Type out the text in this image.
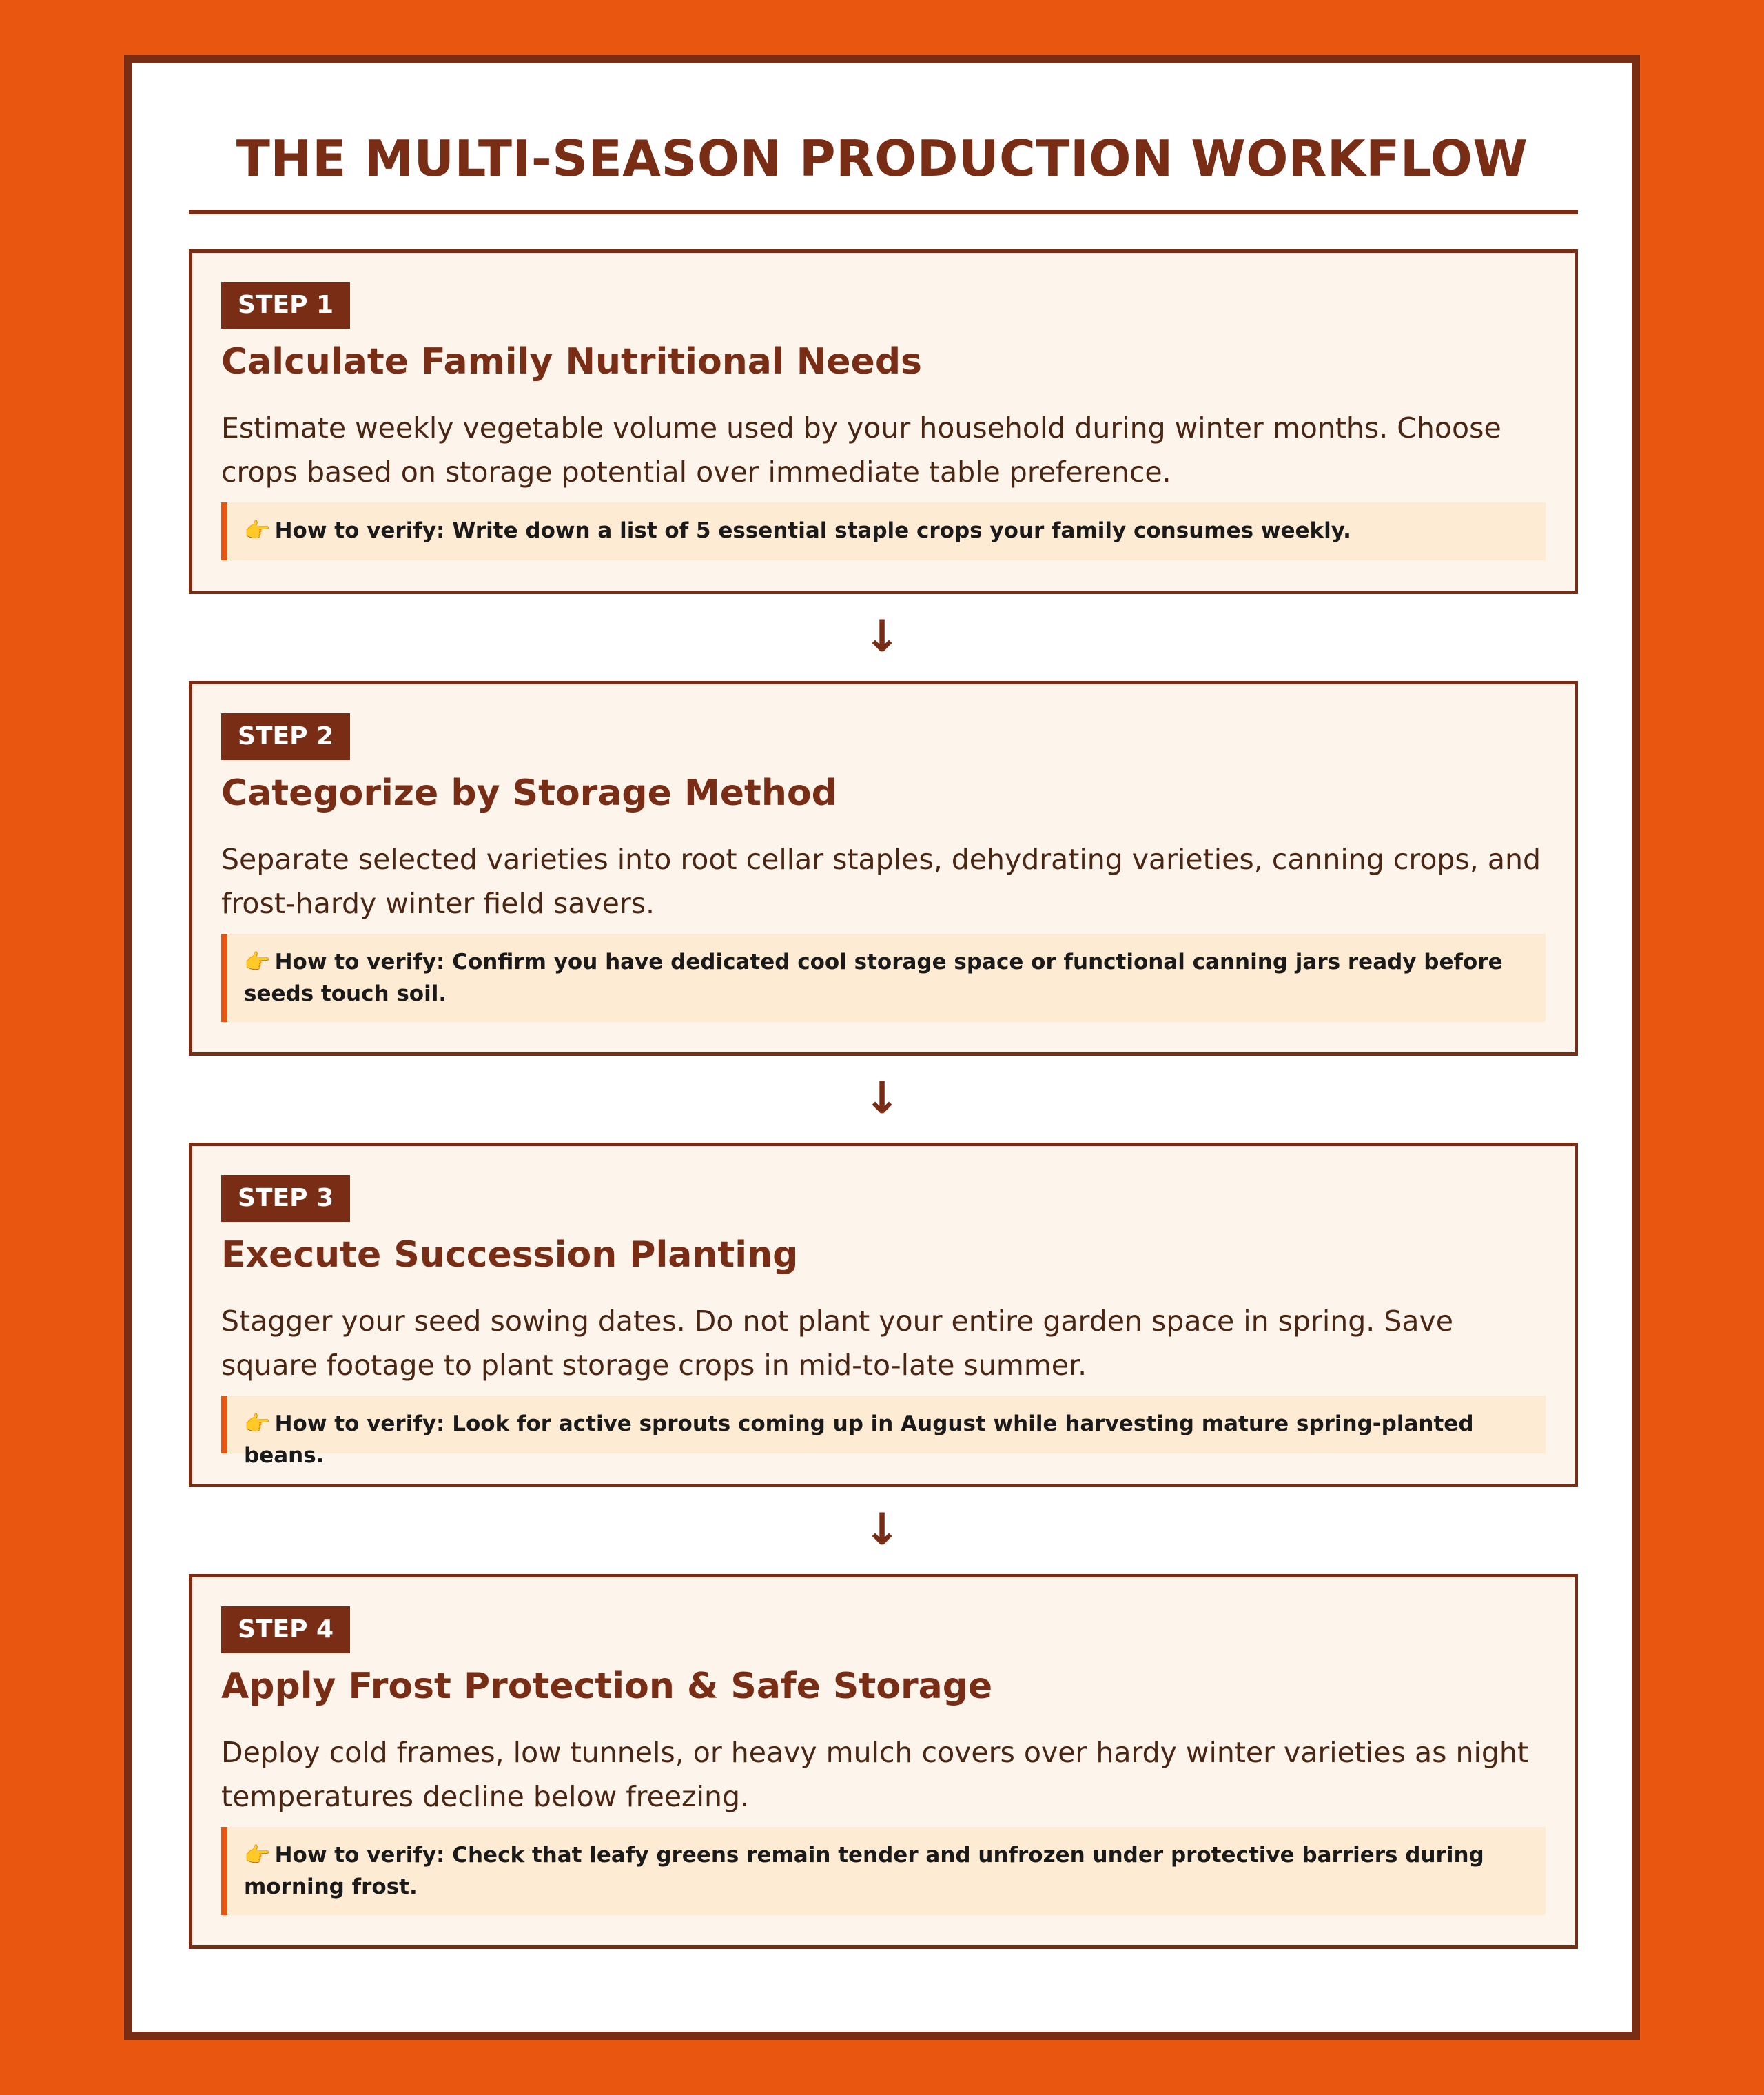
THE MULTI-SEASON PRODUCTION WORKFLOW
STEP 1
Calculate Family Nutritional Needs
Estimate weekly vegetable volume used by your household during winter months. Choose crops based on storage potential over immediate table preference.
👉 How to verify: Write down a list of 5 essential staple crops your family consumes weekly.
↓
STEP 2
Categorize by Storage Method
Separate selected varieties into root cellar staples, dehydrating varieties, canning crops, and frost-hardy winter field savers.
👉 How to verify: Confirm you have dedicated cool storage space or functional canning jars ready before seeds touch soil.
↓
STEP 3
Execute Succession Planting
Stagger your seed sowing dates. Do not plant your entire garden space in spring. Save square footage to plant storage crops in mid-to-late summer.
👉 How to verify: Look for active sprouts coming up in August while harvesting mature spring-planted beans.
↓
STEP 4
Apply Frost Protection & Safe Storage
Deploy cold frames, low tunnels, or heavy mulch covers over hardy winter varieties as night temperatures decline below freezing.
👉 How to verify: Check that leafy greens remain tender and unfrozen under protective barriers during morning frost.
